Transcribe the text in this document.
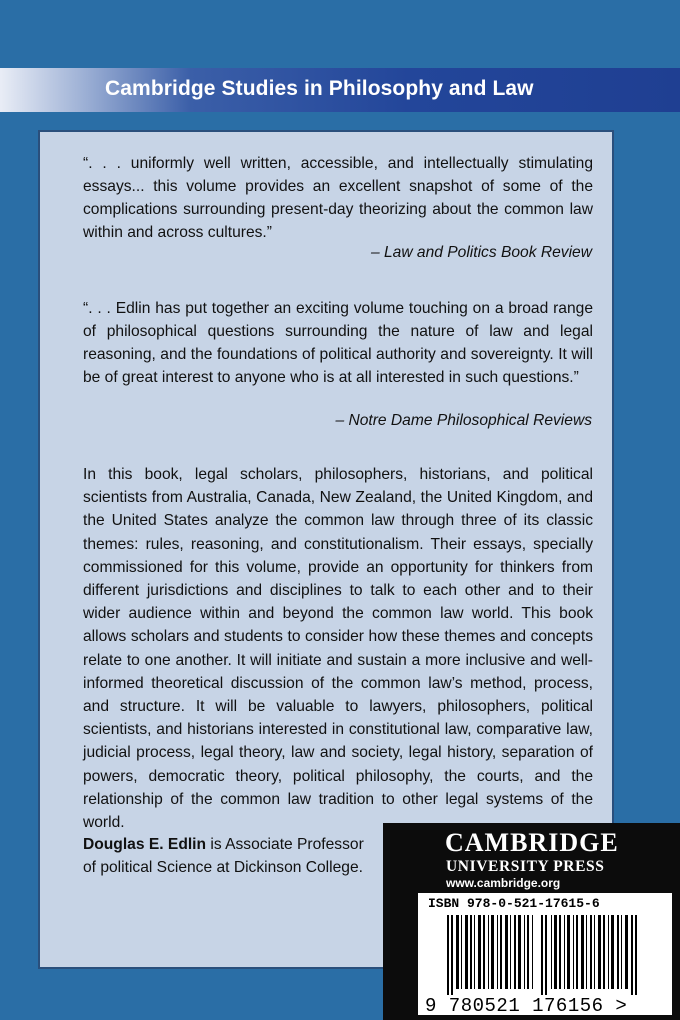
Cambridge Studies in Philosophy and Law
“. . . uniformly well written, accessible, and intellectually stimulating essays... this volume provides an excellent snapshot of some of the complications surrounding present-day theorizing about the common law within and across cultures.”
– Law and Politics Book Review
“. . . Edlin has put together an exciting volume touching on a broad range of philosophical questions surrounding the nature of law and legal reasoning, and the foundations of political authority and sovereignty. It will be of great interest to anyone who is at all interested in such questions.”
– Notre Dame Philosophical Reviews
In this book, legal scholars, philosophers, historians, and political scientists from Australia, Canada, New Zealand, the United Kingdom, and the United States analyze the common law through three of its classic themes: rules, reasoning, and constitutionalism. Their essays, specially commissioned for this volume, provide an opportunity for thinkers from different jurisdictions and disciplines to talk to each other and to their wider audience within and beyond the common law world. This book allows scholars and students to consider how these themes and concepts relate to one another. It will initiate and sustain a more inclusive and well-informed theoretical discussion of the common law’s method, process, and structure. It will be valuable to lawyers, philosophers, political scientists, and historians interested in constitutional law, comparative law, judicial process, legal theory, law and society, legal history, separation of powers, democratic theory, political philosophy, the courts, and the relationship of the common law tradition to other legal systems of the world.
Douglas E. Edlin is Associate Professor of political Science at Dickinson College.
CAMBRIDGE
UNIVERSITY PRESS
www.cambridge.org
ISBN 978-0-521-17615-6
9 780521 176156 >
